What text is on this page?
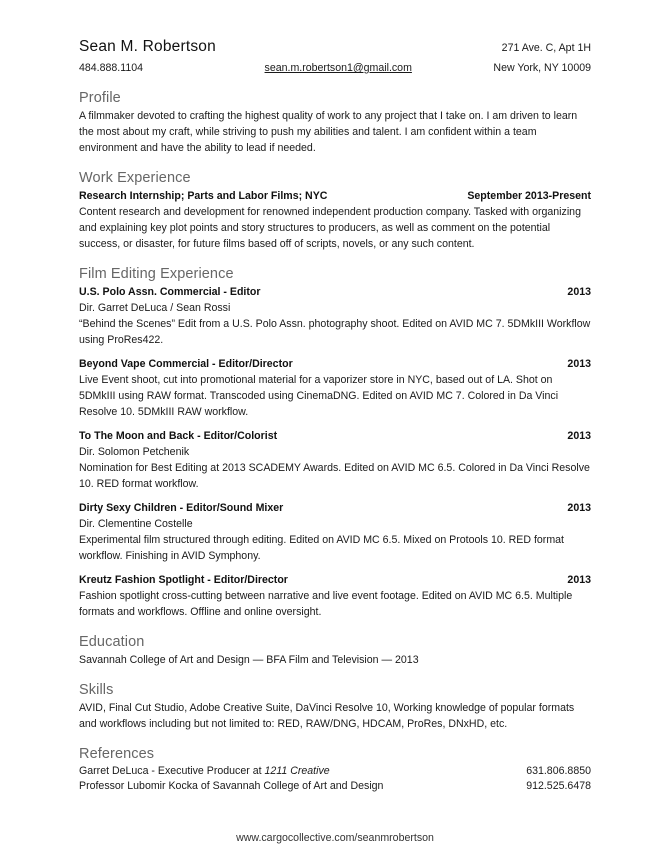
Sean M. Robertson	271 Ave. C, Apt 1H
484.888.1104	sean.m.robertson1@gmail.com	New York, NY 10009
Profile
A filmmaker devoted to crafting the highest quality of work to any project that I take on. I am driven to learn the most about my craft, while striving to push my abilities and talent. I am confident within a team environment and have the ability to lead if needed.
Work Experience
Research Internship; Parts and Labor Films; NYC	September 2013-Present
Content research and development for renowned independent production company. Tasked with organizing and explaining key plot points and story structures to producers, as well as comment on the potential success, or disaster, for future films based off of scripts, novels, or any such content.
Film Editing Experience
U.S. Polo Assn. Commercial - Editor	2013
Dir. Garret DeLuca / Sean Rossi
“Behind the Scenes” Edit from a U.S. Polo Assn. photography shoot. Edited on AVID MC 7. 5DMkIII Workflow using ProRes422.
Beyond Vape Commercial - Editor/Director	2013
Live Event shoot, cut into promotional material for a vaporizer store in NYC, based out of LA. Shot on 5DMkIII using RAW format. Transcoded using CinemaDNG. Edited on AVID MC 7. Colored in Da Vinci Resolve 10. 5DMkIII RAW workflow.
To The Moon and Back - Editor/Colorist	2013
Dir. Solomon Petchenik
Nomination for Best Editing at 2013 SCADEMY Awards. Edited on AVID MC 6.5. Colored in Da Vinci Resolve 10. RED format workflow.
Dirty Sexy Children - Editor/Sound Mixer	2013
Dir. Clementine Costelle
Experimental film structured through editing. Edited on AVID MC 6.5. Mixed on Protools 10. RED format workflow. Finishing in AVID Symphony.
Kreutz Fashion Spotlight - Editor/Director	2013
Fashion spotlight cross-cutting between narrative and live event footage. Edited on AVID MC 6.5. Multiple formats and workflows. Offline and online oversight.
Education
Savannah College of Art and Design — BFA Film and Television — 2013
Skills
AVID, Final Cut Studio, Adobe Creative Suite, DaVinci Resolve 10, Working knowledge of popular formats and workflows including but not limited to: RED, RAW/DNG, HDCAM, ProRes, DNxHD, etc.
References
Garret DeLuca - Executive Producer at 1211 Creative	631.806.8850
Professor Lubomir Kocka of Savannah College of Art and Design	912.525.6478
www.cargocollective.com/seanmrobertson
